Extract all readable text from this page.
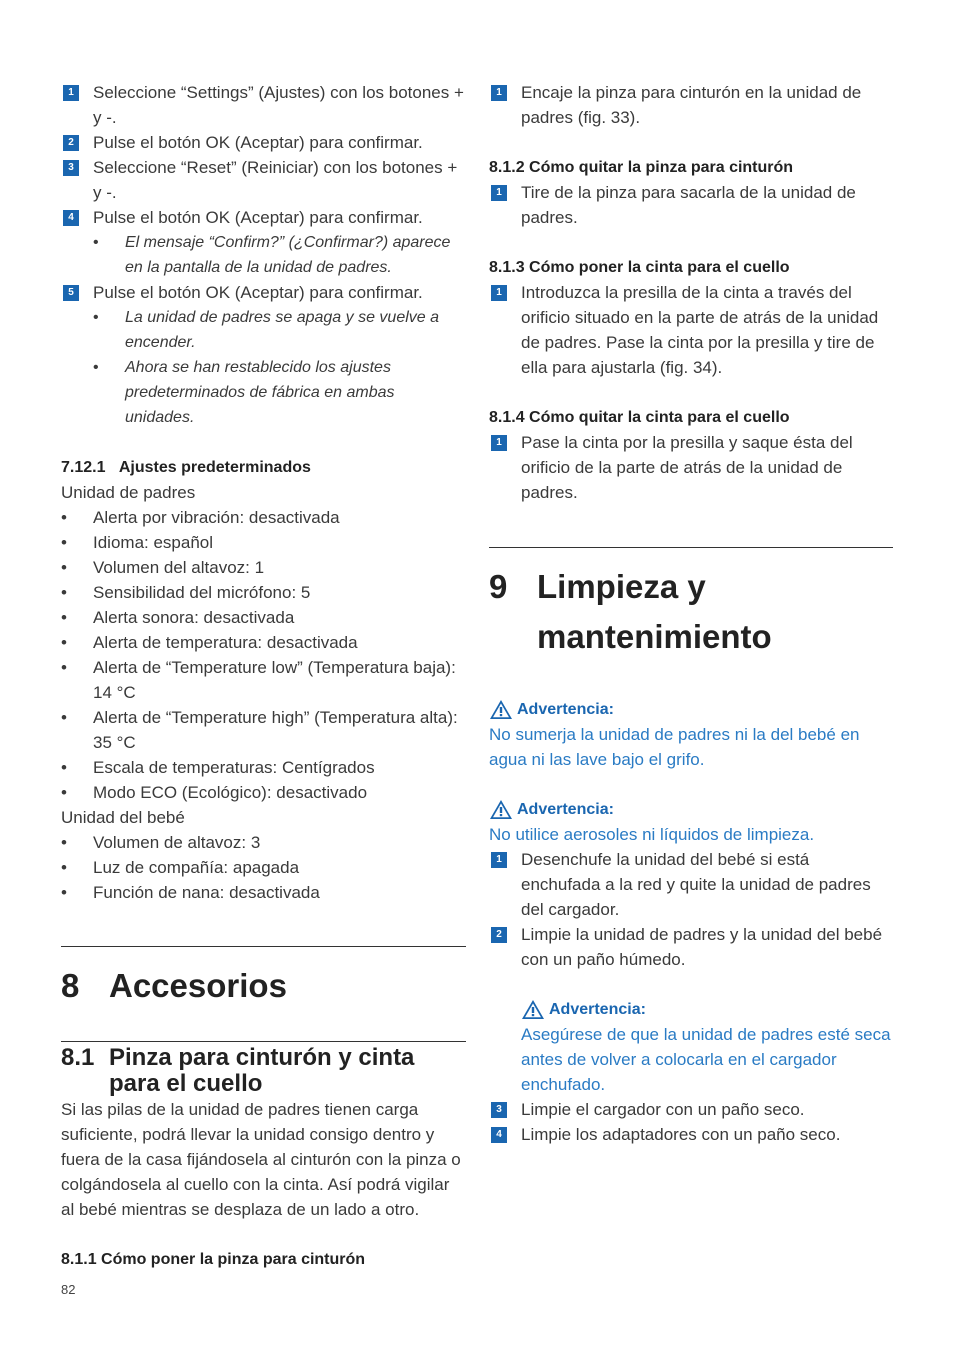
1	Seleccione “Settings” (Ajustes) con los botones + y -.
2	Pulse el botón OK (Aceptar) para confirmar.
3	Seleccione “Reset” (Reiniciar) con los botones + y -.
4	Pulse el botón OK (Aceptar) para confirmar.
• El mensaje “Confirm?” (¿Confirmar?) aparece en la pantalla de la unidad de padres.
5	Pulse el botón OK (Aceptar) para confirmar.
• La unidad de padres se apaga y se vuelve a encender.
• Ahora se han restablecido los ajustes predeterminados de fábrica en ambas unidades.
7.12.1 Ajustes predeterminados

Unidad de padres

• Alerta por vibración: desactivada
• Idioma: español
• Volumen del altavoz: 1
• Sensibilidad del micrófono: 5
• Alerta sonora: desactivada
• Alerta de temperatura: desactivada
• Alerta de “Temperature low” (Temperatura baja): 14 °C
• Alerta de “Temperature high” (Temperatura alta): 35 °C
• Escala de temperaturas: Centígrados
• Modo ECO (Ecológico): desactivado

Unidad del bebé

• Volumen de altavoz: 3
• Luz de compañía: apagada
• Función de nana: desactivada
8 Accesorios
8.1 Pinza para cinturón y cinta para el cuello

Si las pilas de la unidad de padres tienen carga suficiente, podrá llevar la unidad consigo dentro y fuera de la casa fijándosela al cinturón con la pinza o colgándosela al cuello con la cinta. Así podrá vigilar al bebé mientras se desplaza de un lado a otro.

8.1.1 Cómo poner la pinza para cinturón
82
1	Encaje la pinza para cinturón en la unidad de padres (fig. 33).
8.1.2 Cómo quitar la pinza para cinturón
1	Tire de la pinza para sacarla de la unidad de padres.
8.1.3 Cómo poner la cinta para el cuello
1	Introduzca la presilla de la cinta a través del orificio situado en la parte de atrás de la unidad de padres. Pase la cinta por la presilla y tire de ella para ajustarla (fig. 34).
8.1.4 Cómo quitar la cinta para el cuello
1	Pase la cinta por la presilla y saque ésta del orificio de la parte de atrás de la unidad de padres.
9 Limpieza y mantenimiento
Advertencia:
No sumerja la unidad de padres ni la del bebé en agua ni las lave bajo el grifo.
Advertencia:
No utilice aerosoles ni líquidos de limpieza.
1	Desenchufe la unidad del bebé si está enchufada a la red y quite la unidad de padres del cargador.
2	Limpie la unidad de padres y la unidad del bebé con un paño húmedo.
Advertencia:
Asegúrese de que la unidad de padres esté seca antes de volver a colocarla en el cargador enchufado.
3	Limpie el cargador con un paño seco.
4	Limpie los adaptadores con un paño seco.
